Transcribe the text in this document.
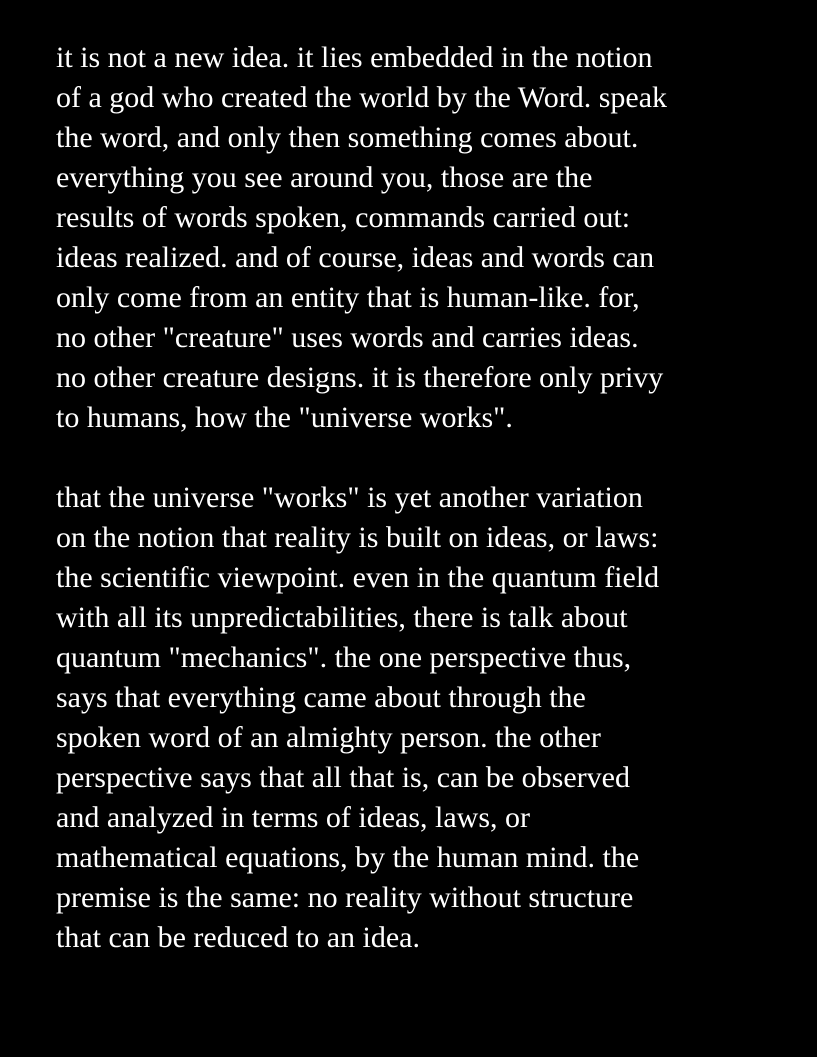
it is not a new idea. it lies embedded in the notion
of a god who created the world by the Word. speak
the word, and only then something comes about.
everything you see around you, those are the
results of words spoken, commands carried out:
ideas realized. and of course, ideas and words can
only come from an entity that is human-like. for,
no other "creature" uses words and carries ideas.
no other creature designs. it is therefore only privy
to humans, how the "universe works".
that the universe "works" is yet another variation
on the notion that reality is built on ideas, or laws:
the scientific viewpoint. even in the quantum field
with all its unpredictabilities, there is talk about
quantum "mechanics". the one perspective thus,
says that everything came about through the
spoken word of an almighty person. the other
perspective says that all that is, can be observed
and analyzed in terms of ideas, laws, or
mathematical equations, by the human mind. the
premise is the same: no reality without structure
that can be reduced to an idea.
